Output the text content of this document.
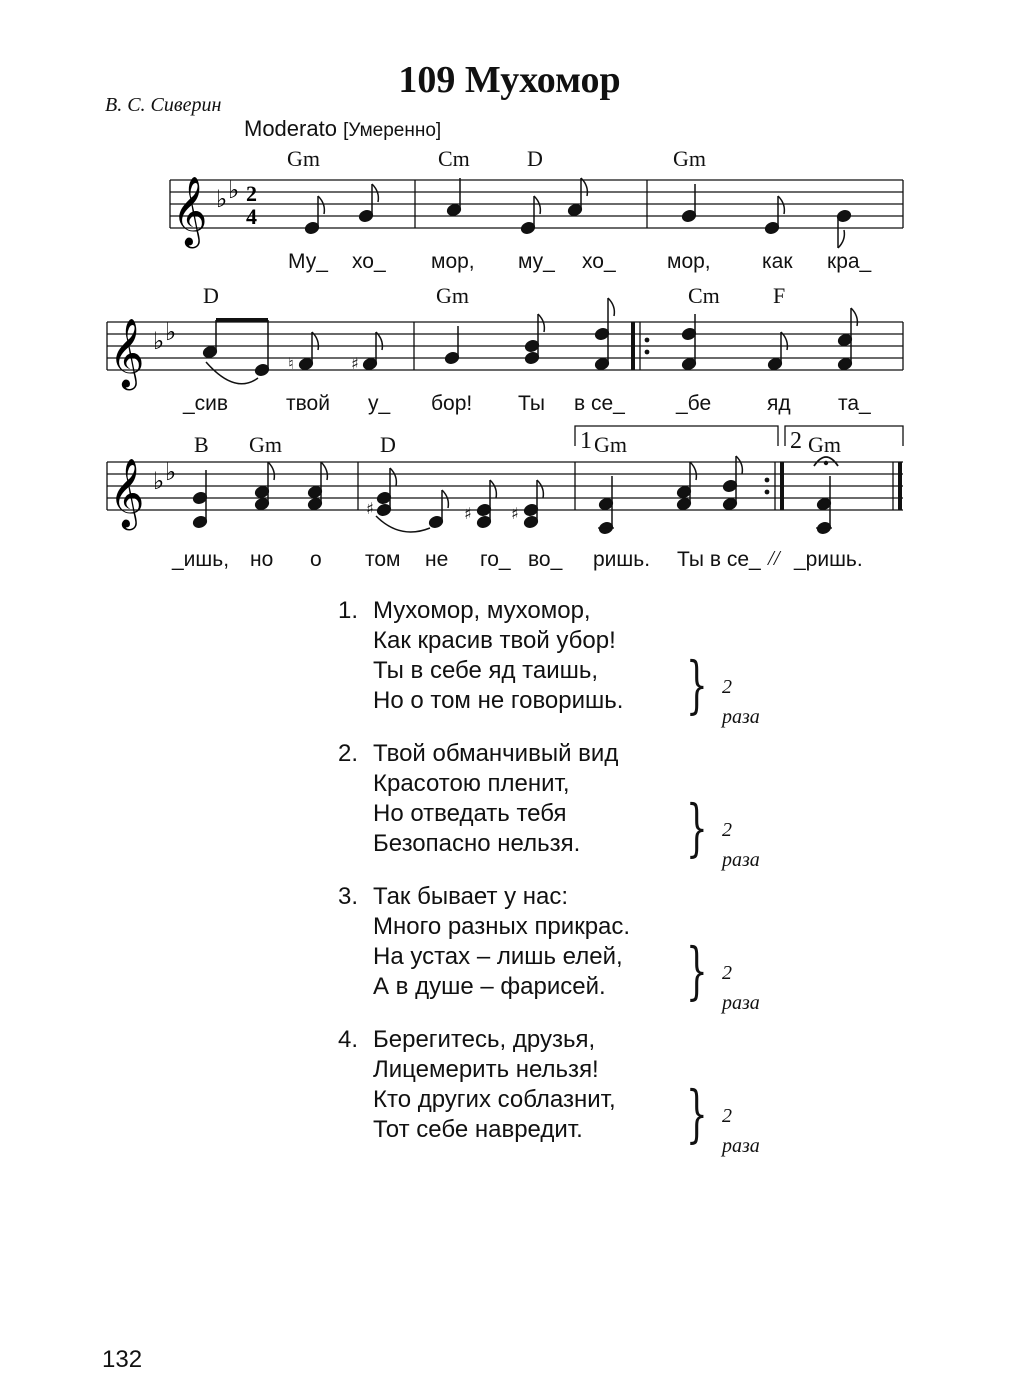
109 Мухомор
В. С. Сиверин
Moderato [Умеренно]
Gm	Cm	D	Gm
𝄞 ♭ ♭ 2
4
Му_ хо_ мор, му_ хо_ мор, как кра_
D	Gm	Cm F
𝄞 ♭ ♭
♮	♯
_сив	твой у_ бор! Ты в се_ _бе	яд та_
B Gm	D	Gm	Gm
1	2
𝄞 ♭ ♭
♯	♯ ♯
_ишь, но о том не го_ во_ ришь. Ты в се_ // _ришь.
1. Мухомор, мухомор,
Как красив твой убор!
Ты в себе яд таишь,
Но о том не говоришь. } 2 раза
2. Твой обманчивый вид
Красотою пленит,
Но отведать тебя
Безопасно нельзя. } 2 раза
3. Так бывает у нас:
Много разных прикрас.
На устах – лишь елей,
А в душе – фарисей. } 2 раза
4. Берегитесь, друзья,
Лицемерить нельзя!
Кто других соблазнит,
Тот себе навредит. } 2 раза
132
